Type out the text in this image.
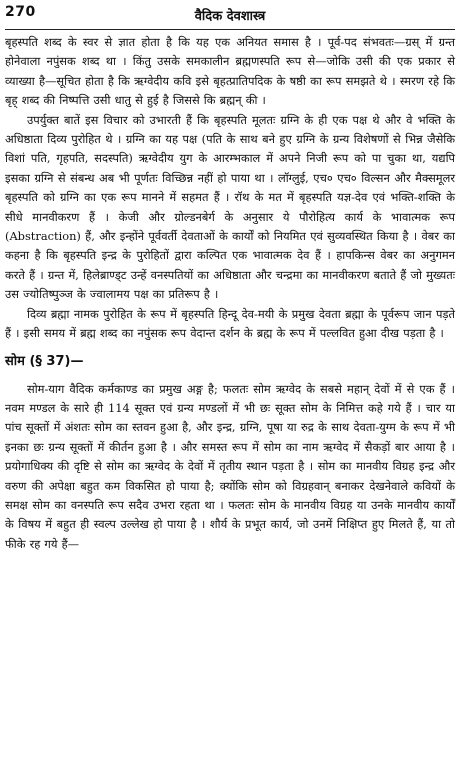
270	वैदिक देवशास्त्र

बृहस्पति शब्द के स्वर से ज्ञात होता है कि यह एक अनियत समास है । पूर्व-पद संभवतः—ग्रस् में ग्रन्त होनेवाला नपुंसक शब्द था । किंतु उसके समकालीन ब्रह्मणस्पति रूप से—जोकि उसी की एक प्रकार से व्याख्या है—सूचित होता है कि ऋग्वेदीय कवि इसे बृहत्प्रातिपदिक के षष्ठी का रूप समझते थे । स्मरण रहे कि बृह् शब्द की निष्पत्ति उसी धातु से हुई है जिससे कि ब्रह्मन् की ।

उपर्युक्त बातें इस विचार को उभारती हैं कि बृहस्पति मूलतः ग्रग्नि के ही एक पक्ष थे और वे भक्ति के अधिष्ठाता दिव्य पुरोहित थे । ग्रग्नि का यह पक्ष (पति के साथ बने हुए ग्रग्नि के ग्रन्य विशेषणों से भिन्न जैसेकि विशां पति, गृहपति, सदस्पति) ऋग्वेदीय युग के आरम्भकाल में अपने निजी रूप को पा चुका था, यद्यपि इसका ग्रग्नि से संबन्ध अब भी पूर्णतः विच्छिन्न नहीं हो पाया था । लॉग्लुई, एच० एच० विल्सन और मैक्समूलर बृहस्पति को ग्रग्नि का एक रूप मानने में सहमत हैं । रॉथ के मत में बृहस्पति यज्ञ-देव एवं भक्ति-शक्ति के सीधे मानवीकरण हैं । केजी और ग्रोल्डनबेर्ग के अनुसार ये पौरोहित्य कार्य के भावात्मक रूप (Abstraction) हैं, और इन्होंने पूर्ववर्ती देवताओं के कार्यों को नियमित एवं सुव्यवस्थित किया है । वेबर का कहना है कि बृहस्पति इन्द्र के पुरोहितों द्वारा कल्पित एक भावात्मक देव हैं । हापकिन्स वेबर का अनुगमन करते हैं । ग्रन्त में, हिलेब्राण्ड्ट उन्हें वनस्पतियों का अधिष्ठाता और चन्द्रमा का मानवीकरण बताते हैं जो मुख्यतः उस ज्योतिष्पुञ्ज के ज्वालामय पक्ष का प्रतिरूप है ।

दिव्य ब्रह्मा नामक पुरोहित के रूप में बृहस्पति हिन्दू देव-मयी के प्रमुख देवता ब्रह्मा के पूर्वरूप जान पड़ते हैं । इसी समय में ब्रह्म शब्द का नपुंसक रूप वेदान्त दर्शन के ब्रह्म के रूप में पल्लवित हुआ दीख पड़ता है ।

सोम (§ 37)—

सोम-याग वैदिक कर्मकाण्ड का प्रमुख अङ्ग है; फलतः सोम ऋग्वेद के सबसे महान् देवों में से एक हैं । नवम मण्डल के सारे ही 114 सूक्त एवं ग्रन्य मण्डलों में भी छः सूक्त सोम के निमित्त कहे गये हैं । चार या पांच सूक्तों में अंशतः सोम का स्तवन हुआ है, और इन्द्र, ग्रग्नि, पूषा या रुद्र के साथ देवता-युग्म के रूप में भी इनका छः ग्रन्य सूक्तों में कीर्तन हुआ है । और समस्त रूप में सोम का नाम ऋग्वेद में सैकड़ों बार आया है । प्रयोगाधिक्य की दृष्टि से सोम का ऋग्वेद के देवों में तृतीय स्थान पड़ता है । सोम का मानवीय विग्रह इन्द्र और वरुण की अपेक्षा बहुत कम विकसित हो पाया है; क्योंकि सोम को विग्रहवान् बनाकर देखनेवाले कवियों के समक्ष सोम का वनस्पति रूप सदैव उभरा रहता था । फलतः सोम के मानवीय विग्रह या उनके मानवीय कार्यों के विषय में बहुत ही स्वल्प उल्लेख हो पाया है । शौर्य के प्रभूत कार्य, जो उनमें निक्षिप्त हुए मिलते हैं, या तो फीके रह गये हैं—
